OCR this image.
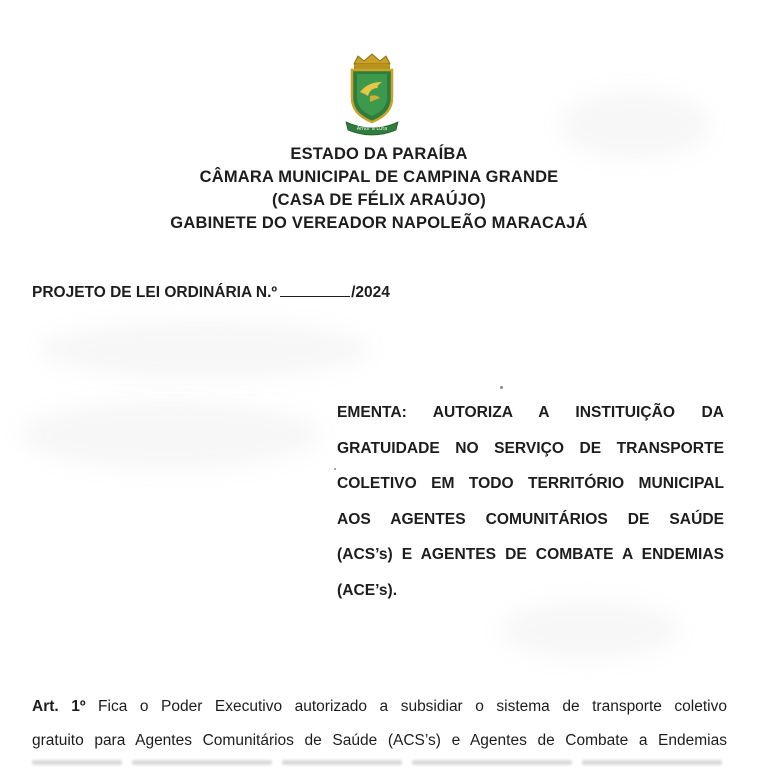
Amor à Luta
ESTADO DA PARAÍBA
CÂMARA MUNICIPAL DE CAMPINA GRANDE
(CASA DE FÉLIX ARAÚJO)
GABINETE DO VEREADOR NAPOLEÃO MARACAJÁ
PROJETO DE LEI ORDINÁRIA N.º	/2024
EMENTA: AUTORIZA A INSTITUIÇÃO DA
GRATUIDADE NO SERVIÇO DE TRANSPORTE
COLETIVO EM TODO TERRITÓRIO MUNICIPAL
AOS AGENTES COMUNITÁRIOS DE SAÚDE
(ACS’s) E AGENTES DE COMBATE A ENDEMIAS
(ACE’s).
Art. 1º Fica o Poder Executivo autorizado a subsidiar o sistema de transporte coletivo
gratuito para Agentes Comunitários de Saúde (ACS’s) e Agentes de Combate a Endemias
